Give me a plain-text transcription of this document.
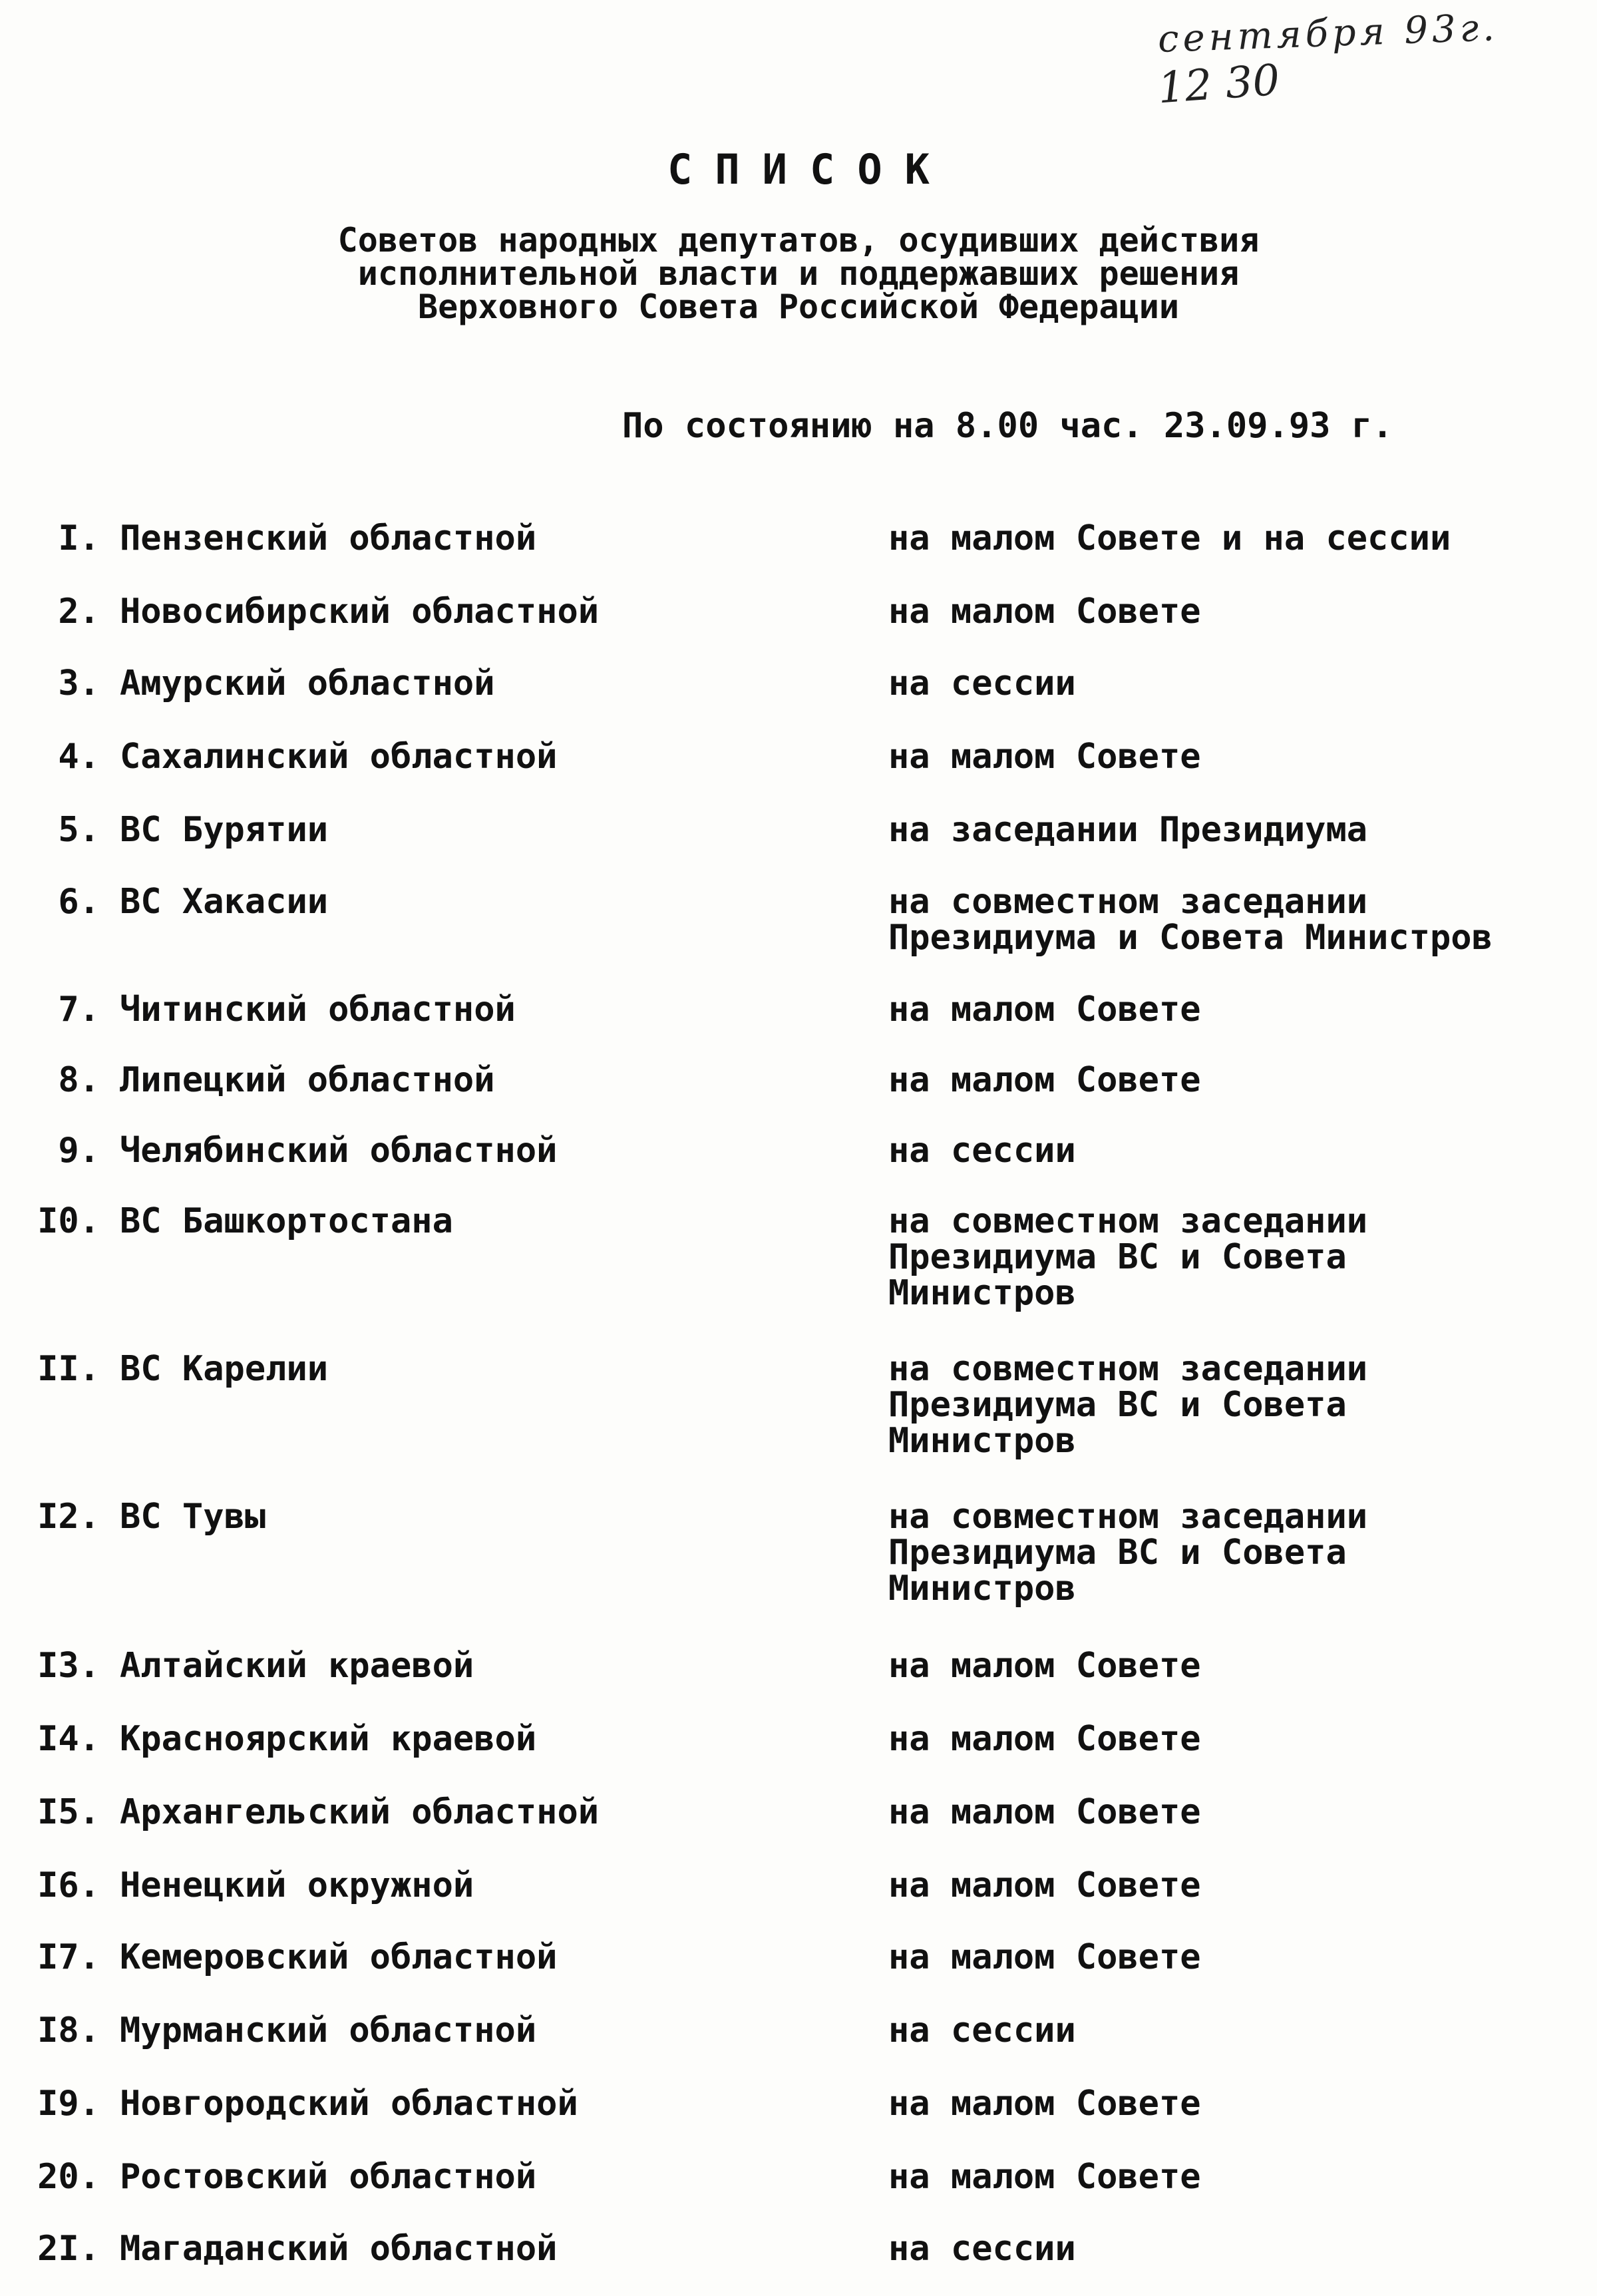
сентября 93г.
12 30
СПИСОК
Советов народных депутатов, осудивших действия
исполнительной власти и поддержавших решения
Верховного Совета Российской Федерации
По состоянию на 8.00 час. 23.09.93 г.
I. Пензенский областной	на малом Совете и на сессии
2. Новосибирский областной	на малом Совете
3. Амурский областной	на сессии
4. Сахалинский областной	на малом Совете
5. ВС Бурятии	на заседании Президиума
6. ВС Хакасии	на совместном заседании
Президиума и Совета Министров
7. Читинский областной	на малом Совете
8. Липецкий областной	на малом Совете
9. Челябинский областной	на сессии
I0. ВС Башкортостана	на совместном заседании
Президиума ВС и Совета
Министров
II. ВС Карелии	на совместном заседании
Президиума ВС и Совета
Министров
I2. ВС Тувы	на совместном заседании
Президиума ВС и Совета
Министров
I3. Алтайский краевой	на малом Совете
I4. Красноярский краевой	на малом Совете
I5. Архангельский областной	на малом Совете
I6. Ненецкий окружной	на малом Совете
I7. Кемеровский областной	на малом Совете
I8. Мурманский областной	на сессии
I9. Новгородский областной	на малом Совете
20. Ростовский областной	на малом Совете
2I. Магаданский областной	на сессии
